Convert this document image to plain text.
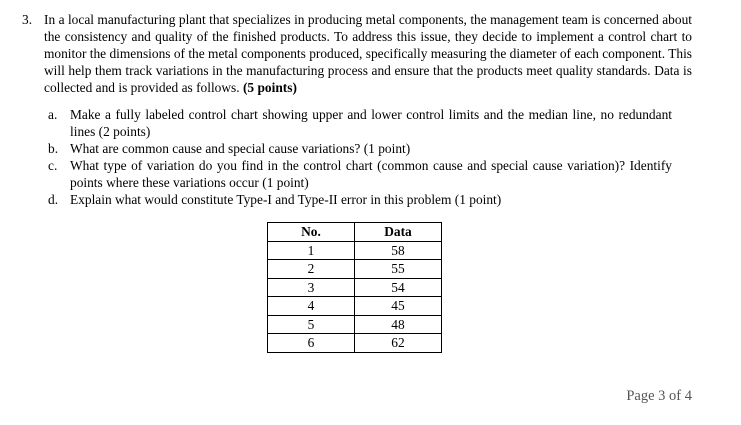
3. In a local manufacturing plant that specializes in producing metal components, the management team is concerned about the consistency and quality of the finished products. To address this issue, they decide to implement a control chart to monitor the dimensions of the metal components produced, specifically measuring the diameter of each component. This will help them track variations in the manufacturing process and ensure that the products meet quality standards. Data is collected and is provided as follows. (5 points)
a. Make a fully labeled control chart showing upper and lower control limits and the median line, no redundant lines (2 points)
b. What are common cause and special cause variations? (1 point)
c. What type of variation do you find in the control chart (common cause and special cause variation)? Identify points where these variations occur (1 point)
d. Explain what would constitute Type-I and Type-II error in this problem (1 point)
No.	Data
1	58
2	55
3	54
4	45
5	48
6	62
Page 3 of 4
